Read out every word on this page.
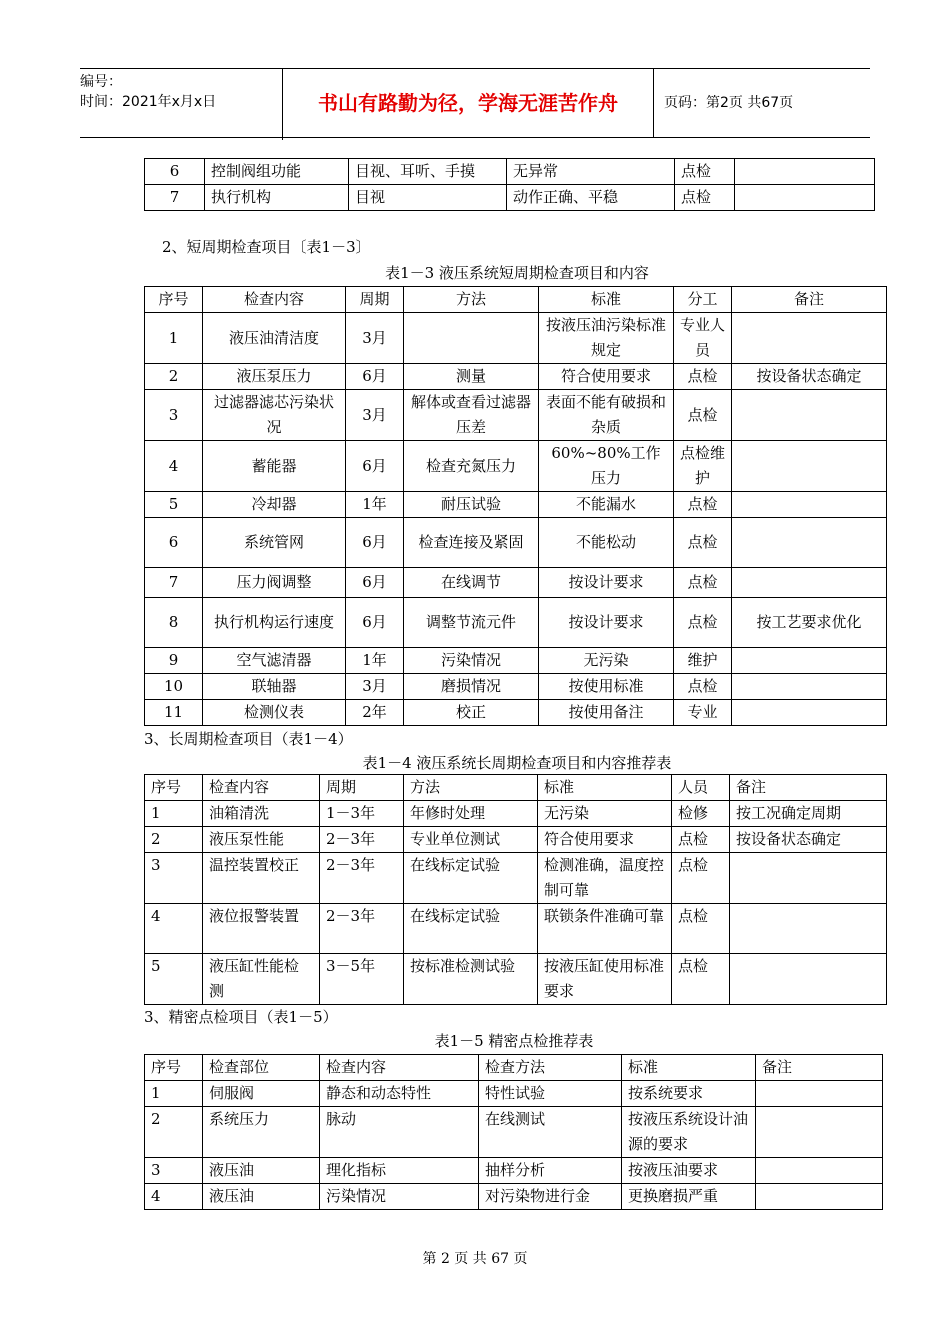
编号：
时间：2021年x月x日	书山有路勤为径，学海无涯苦作舟	页码：第2页 共67页
6	控制阀组功能	目视、耳听、手摸	无异常	点检	
7	执行机构	目视	动作正确、平稳	点检	
2、短周期检查项目〔表1－3〕
表1－3 液压系统短周期检查项目和内容
序号	检查内容	周期	方法	标准	分工	备注
1	液压油清洁度	3月		按液压油污染标准规定	专业人员	
2	液压泵压力	6月	测量	符合使用要求	点检	按设备状态确定
3	过滤器滤芯污染状况	3月	解体或查看过滤器压差	表面不能有破损和杂质	点检	
4	蓄能器	6月	检查充氮压力	60%~80%工作压力	点检维护	
5	冷却器	1年	耐压试验	不能漏水	点检	
6	系统管网	6月	检查连接及紧固	不能松动	点检	
7	压力阀调整	6月	在线调节	按设计要求	点检	
8	执行机构运行速度	6月	调整节流元件	按设计要求	点检	按工艺要求优化
9	空气滤清器	1年	污染情况	无污染	维护	
10	联轴器	3月	磨损情况	按使用标准	点检	
11	检测仪表	2年	校正	按使用备注	专业	
3、长周期检查项目（表1－4）
表1－4 液压系统长周期检查项目和内容推荐表
序号	检查内容	周期	方法	标准	人员	备注
1	油箱清洗	1－3年	年修时处理	无污染	检修	按工况确定周期
2	液压泵性能	2－3年	专业单位测试	符合使用要求	点检	按设备状态确定
3	温控装置校正	2－3年	在线标定试验	检测准确，温度控制可靠	点检	
4	液位报警装置	2－3年	在线标定试验	联锁条件准确可靠	点检	
5	液压缸性能检测	3－5年	按标准检测试验	按液压缸使用标准要求	点检	
3、精密点检项目（表1－5）
表1－5 精密点检推荐表
序号	检查部位	检查内容	检查方法	标准	备注
1	伺服阀	静态和动态特性	特性试验	按系统要求	
2	系统压力	脉动	在线测试	按液压系统设计油源的要求	
3	液压油	理化指标	抽样分析	按液压油要求	
4	液压油	污染情况	对污染物进行金	更换磨损严重	
第 2 页 共 67 页
